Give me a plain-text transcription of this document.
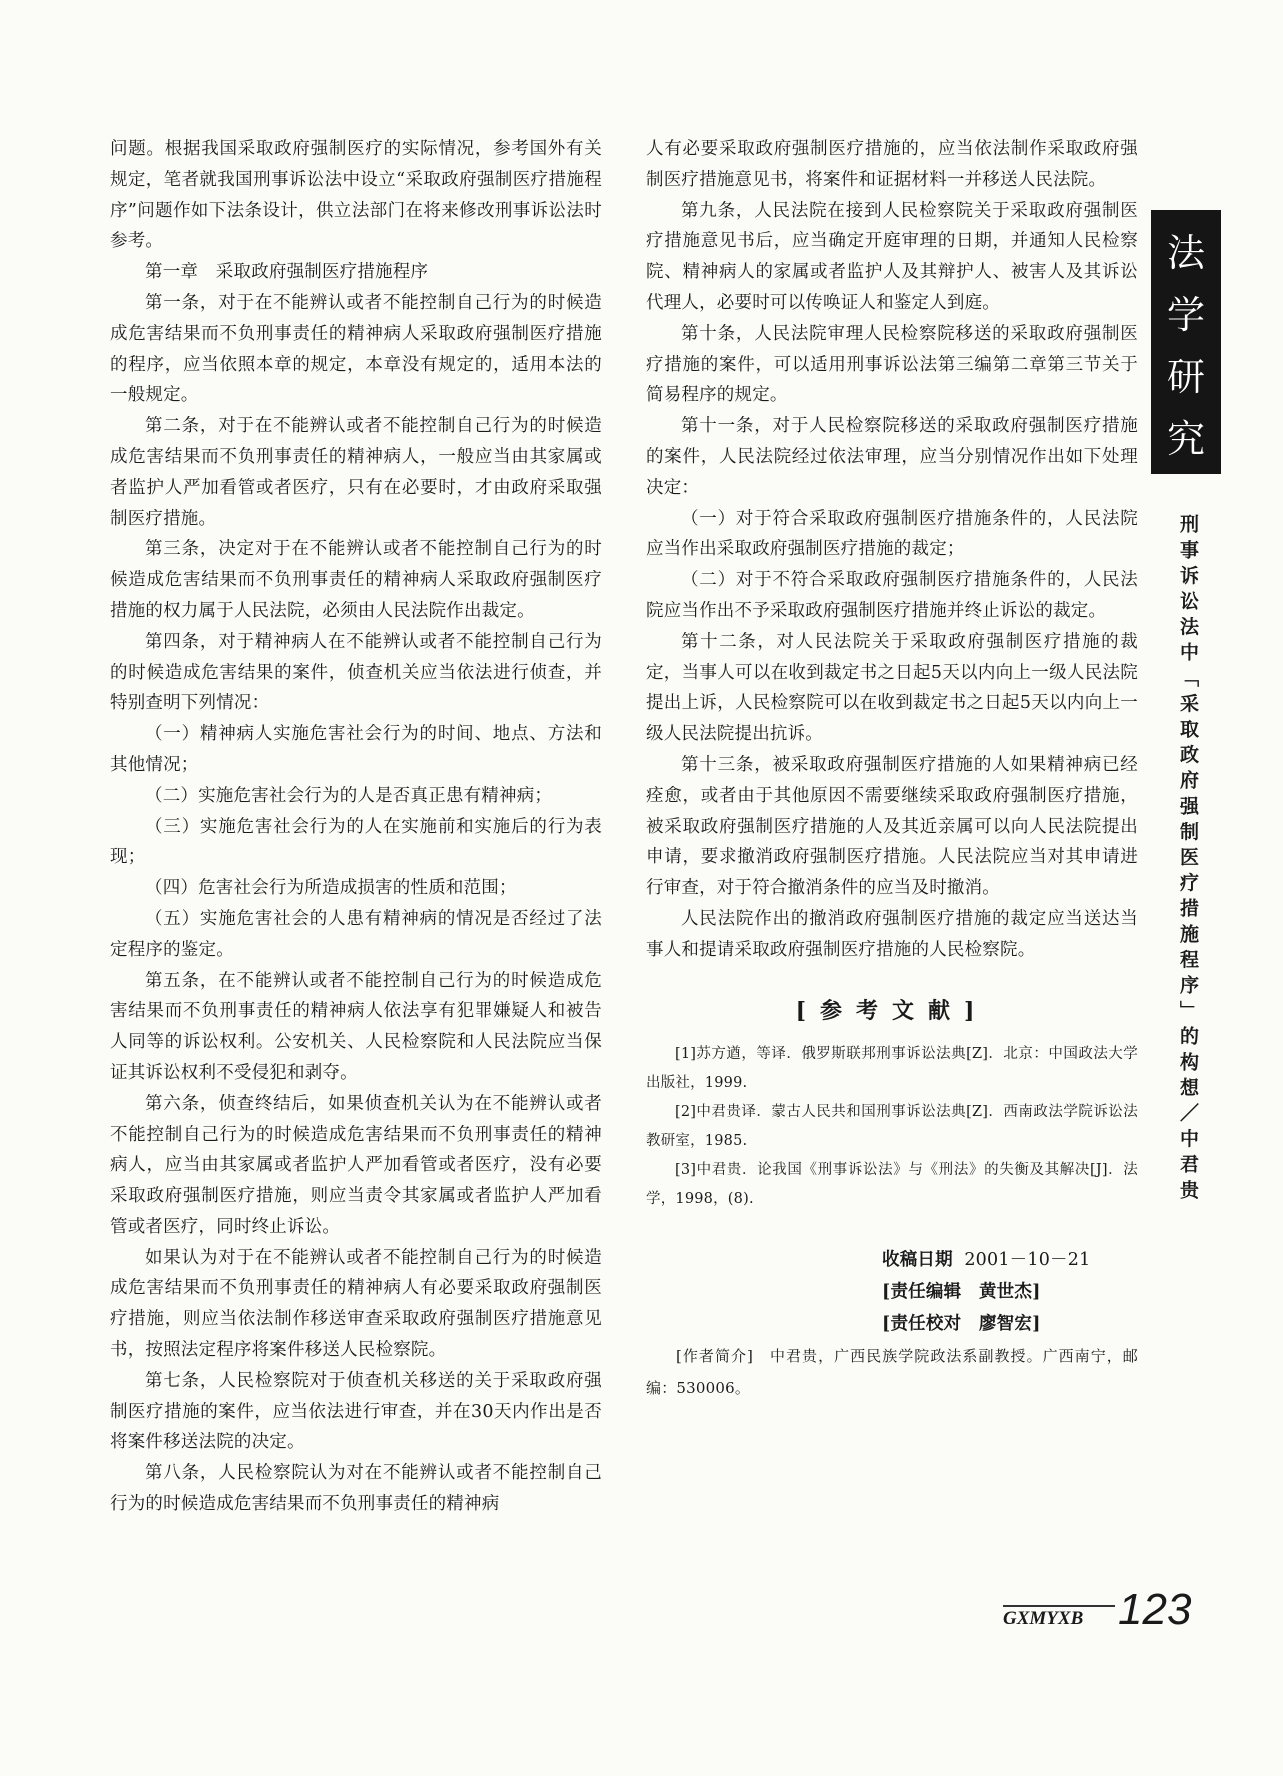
问题。根据我国采取政府强制医疗的实际情况，参考国外有关规定，笔者就我国刑事诉讼法中设立“采取政府强制医疗措施程序”问题作如下法条设计，供立法部门在将来修改刑事诉讼法时参考。

第一章　采取政府强制医疗措施程序

第一条，对于在不能辨认或者不能控制自己行为的时候造成危害结果而不负刑事责任的精神病人采取政府强制医疗措施的程序，应当依照本章的规定，本章没有规定的，适用本法的一般规定。

第二条，对于在不能辨认或者不能控制自己行为的时候造成危害结果而不负刑事责任的精神病人，一般应当由其家属或者监护人严加看管或者医疗，只有在必要时，才由政府采取强制医疗措施。

第三条，决定对于在不能辨认或者不能控制自己行为的时候造成危害结果而不负刑事责任的精神病人采取政府强制医疗措施的权力属于人民法院，必须由人民法院作出裁定。

第四条，对于精神病人在不能辨认或者不能控制自己行为的时候造成危害结果的案件，侦查机关应当依法进行侦查，并特别查明下列情况：

（一）精神病人实施危害社会行为的时间、地点、方法和其他情况；

（二）实施危害社会行为的人是否真正患有精神病；

（三）实施危害社会行为的人在实施前和实施后的行为表现；

（四）危害社会行为所造成损害的性质和范围；

（五）实施危害社会的人患有精神病的情况是否经过了法定程序的鉴定。

第五条，在不能辨认或者不能控制自己行为的时候造成危害结果而不负刑事责任的精神病人依法享有犯罪嫌疑人和被告人同等的诉讼权利。公安机关、人民检察院和人民法院应当保证其诉讼权利不受侵犯和剥夺。

第六条，侦查终结后，如果侦查机关认为在不能辨认或者不能控制自己行为的时候造成危害结果而不负刑事责任的精神病人，应当由其家属或者监护人严加看管或者医疗，没有必要采取政府强制医疗措施，则应当责令其家属或者监护人严加看管或者医疗，同时终止诉讼。

如果认为对于在不能辨认或者不能控制自己行为的时候造成危害结果而不负刑事责任的精神病人有必要采取政府强制医疗措施，则应当依法制作移送审查采取政府强制医疗措施意见书，按照法定程序将案件移送人民检察院。

第七条，人民检察院对于侦查机关移送的关于采取政府强制医疗措施的案件，应当依法进行审查，并在30天内作出是否将案件移送法院的决定。

第八条，人民检察院认为对在不能辨认或者不能控制自己行为的时候造成危害结果而不负刑事责任的精神病

人有必要采取政府强制医疗措施的，应当依法制作采取政府强制医疗措施意见书，将案件和证据材料一并移送人民法院。

第九条，人民法院在接到人民检察院关于采取政府强制医疗措施意见书后，应当确定开庭审理的日期，并通知人民检察院、精神病人的家属或者监护人及其辩护人、被害人及其诉讼代理人，必要时可以传唤证人和鉴定人到庭。

第十条，人民法院审理人民检察院移送的采取政府强制医疗措施的案件，可以适用刑事诉讼法第三编第二章第三节关于简易程序的规定。

第十一条，对于人民检察院移送的采取政府强制医疗措施的案件，人民法院经过依法审理，应当分别情况作出如下处理决定：

（一）对于符合采取政府强制医疗措施条件的，人民法院应当作出采取政府强制医疗措施的裁定；

（二）对于不符合采取政府强制医疗措施条件的，人民法院应当作出不予采取政府强制医疗措施并终止诉讼的裁定。

第十二条，对人民法院关于采取政府强制医疗措施的裁定，当事人可以在收到裁定书之日起5天以内向上一级人民法院提出上诉，人民检察院可以在收到裁定书之日起5天以内向上一级人民法院提出抗诉。

第十三条，被采取政府强制医疗措施的人如果精神病已经痊愈，或者由于其他原因不需要继续采取政府强制医疗措施，被采取政府强制医疗措施的人及其近亲属可以向人民法院提出申请，要求撤消政府强制医疗措施。人民法院应当对其申请进行审查，对于符合撤消条件的应当及时撤消。

人民法院作出的撤消政府强制医疗措施的裁定应当送达当事人和提请采取政府强制医疗措施的人民检察院。

[参考文献]

[1]苏方遒，等译．俄罗斯联邦刑事诉讼法典[Z]．北京：中国政法大学出版社，1999.

[2]中君贵译．蒙古人民共和国刑事诉讼法典[Z]．西南政法学院诉讼法教研室，1985.

[3]中君贵．论我国《刑事诉讼法》与《刑法》的失衡及其解决[J]．法学，1998，(8).

收稿日期 2001－10－21
[责任编辑　黄世杰]
[责任校对　廖智宏]

[作者简介]　中君贵，广西民族学院政法系副教授。广西南宁，邮编：530006。

法
学
研
究
刑事诉讼法中「采取政府强制医疗措施程序」的构想／中君贵
GXMYXB 123
